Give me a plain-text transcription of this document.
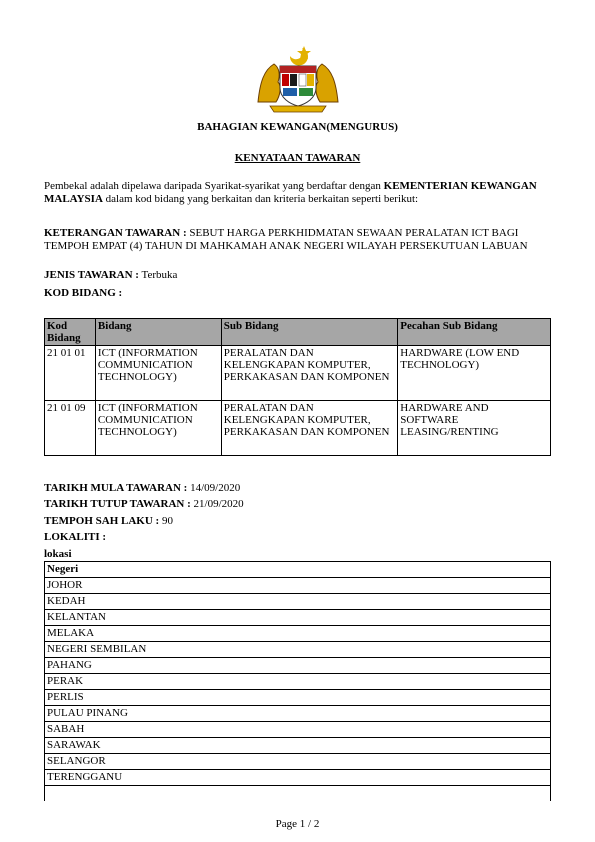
BAHAGIAN KEWANGAN(MENGURUS)
KENYATAAN TAWARAN
Pembekal adalah dipelawa daripada Syarikat-syarikat yang berdaftar dengan KEMENTERIAN KEWANGAN MALAYSIA dalam kod bidang yang berkaitan dan kriteria berkaitan seperti berikut:
KETERANGAN TAWARAN : SEBUT HARGA PERKHIDMATAN SEWAAN PERALATAN ICT BAGI TEMPOH EMPAT (4) TAHUN DI MAHKAMAH ANAK NEGERI WILAYAH PERSEKUTUAN LABUAN
JENIS TAWARAN : Terbuka
KOD BIDANG :
Kod Bidang	Bidang	Sub Bidang	Pecahan Sub Bidang
21 01 01	ICT (INFORMATION COMMUNICATION TECHNOLOGY)	PERALATAN DAN KELENGKAPAN KOMPUTER, PERKAKASAN DAN KOMPONEN	HARDWARE (LOW END TECHNOLOGY)
21 01 09	ICT (INFORMATION COMMUNICATION TECHNOLOGY)	PERALATAN DAN KELENGKAPAN KOMPUTER, PERKAKASAN DAN KOMPONEN	HARDWARE AND SOFTWARE LEASING/RENTING
TARIKH MULA TAWARAN : 14/09/2020
TARIKH TUTUP TAWARAN : 21/09/2020
TEMPOH SAH LAKU : 90
LOKALITI :
lokasi
Negeri
JOHOR
KEDAH
KELANTAN
MELAKA
NEGERI SEMBILAN
PAHANG
PERAK
PERLIS
PULAU PINANG
SABAH
SARAWAK
SELANGOR
TERENGGANU

Page 1 / 2
